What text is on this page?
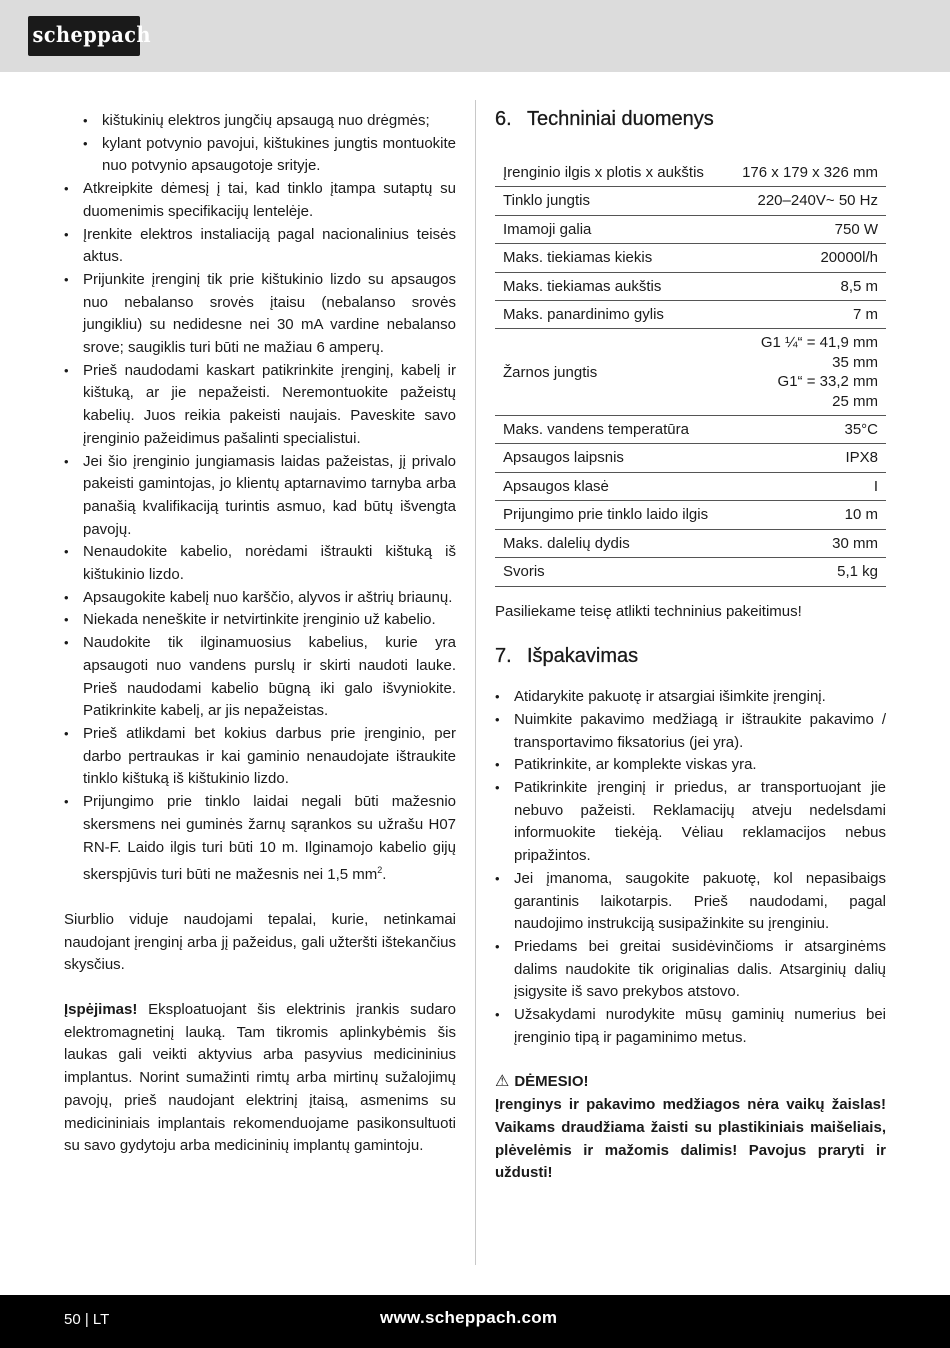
scheppach
• kištukinių elektros jungčių apsaugą nuo drėgmės;
• kylant potvynio pavojui, kištukines jungtis montuokite nuo potvynio apsaugotoje srityje.
• Atkreipkite dėmesį į tai, kad tinklo įtampa sutaptų su duomenimis specifikacijų lentelėje.
• Įrenkite elektros instaliaciją pagal nacionalinius teisės aktus.
• Prijunkite įrenginį tik prie kištukinio lizdo su apsaugos nuo nebalanso srovės įtaisu (nebalanso srovės jungikliu) su nedidesne nei 30 mA vardine nebalanso srove; saugiklis turi būti ne mažiau 6 amperų.
• Prieš naudodami kaskart patikrinkite įrenginį, kabelį ir kištuką, ar jie nepažeisti. Neremontuokite pažeistų kabelių. Juos reikia pakeisti naujais. Paveskite savo įrenginio pažeidimus pašalinti specialistui.
• Jei šio įrenginio jungiamasis laidas pažeistas, jį privalo pakeisti gamintojas, jo klientų aptarnavimo tarnyba arba panašią kvalifikaciją turintis asmuo, kad būtų išvengta pavojų.
• Nenaudokite kabelio, norėdami ištraukti kištuką iš kištukinio lizdo.
• Apsaugokite kabelį nuo karščio, alyvos ir aštrių briaunų.
• Niekada neneškite ir netvirtinkite įrenginio už kabelio.
• Naudokite tik ilginamuosius kabelius, kurie yra apsaugoti nuo vandens purslų ir skirti naudoti lauke. Prieš naudodami kabelio būgną iki galo išvyniokite. Patikrinkite kabelį, ar jis nepažeistas.
• Prieš atlikdami bet kokius darbus prie įrenginio, per darbo pertraukas ir kai gaminio nenaudojate ištraukite tinklo kištuką iš kištukinio lizdo.
• Prijungimo prie tinklo laidai negali būti mažesnio skersmens nei guminės žarnų sąrankos su užrašu H07 RN-F. Laido ilgis turi būti 10 m. Ilginamojo kabelio gijų skerspjūvis turi būti ne mažesnis nei 1,5 $mm^2$.

Siurblio viduje naudojami tepalai, kurie, netinkamai naudojant įrenginį arba jį pažeidus, gali užteršti ištekančius skysčius.

Įspėjimas! Eksploatuojant šis elektrinis įrankis sudaro elektromagnetinį lauką. Tam tikromis aplinkybėmis šis laukas gali veikti aktyvius arba pasyvius medicininius implantus. Norint sumažinti rimtų arba mirtinų sužalojimų pavojų, prieš naudojant elektrinį įtaisą, asmenims su medicininiais implantais rekomenduojame pasikonsultuoti su savo gydytoju arba medicininių implantų gamintoju.

6. Techniniai duomenys
Įrenginio ilgis x plotis x aukštis	176 x 179 x 326 mm
Tinklo jungtis	220–240V~ 50 Hz
Imamoji galia	750 W
Maks. tiekiamas kiekis	20000l/h
Maks. tiekiamas aukštis	8,5 m
Maks. panardinimo gylis	7 m
Žarnos jungtis	G1 ¼“ = 41,9 mm
35 mm
G1“ = 33,2 mm
25 mm

Maks. vandens temperatūra	35°C
Apsaugos laipsnis	IPX8
Apsaugos klasė	I
Prijungimo prie tinklo laido ilgis	10 m
Maks. dalelių dydis	30 mm
Svoris	5,1 kg
Pasiliekame teisę atlikti techninius pakeitimus!
7. Išpakavimas
• Atidarykite pakuotę ir atsargiai išimkite įrenginį.
• Nuimkite pakavimo medžiagą ir ištraukite pakavimo / transportavimo fiksatorius (jei yra).
• Patikrinkite, ar komplekte viskas yra.
• Patikrinkite įrenginį ir priedus, ar transportuojant jie nebuvo pažeisti. Reklamacijų atveju nedelsdami informuokite tiekėją. Vėliau reklamacijos nebus pripažintos.
• Jei įmanoma, saugokite pakuotę, kol nepasibaigs garantinis laikotarpis. Prieš naudodami, pagal naudojimo instrukciją susipažinkite su įrenginiu.
• Priedams bei greitai susidėvinčioms ir atsarginėms dalims naudokite tik originalias dalis. Atsarginių dalių įsigysite iš savo prekybos atstovo.
• Užsakydami nurodykite mūsų gaminių numerius bei įrenginio tipą ir pagaminimo metus.
⚠ DĖMESIO!
Įrenginys ir pakavimo medžiagos nėra vaikų žaislas! Vaikams draudžiama žaisti su plastikiniais maišeliais, plėvelėmis ir mažomis dalimis! Pavojus praryti ir uždusti!
50 | LT	www.scheppach.com
